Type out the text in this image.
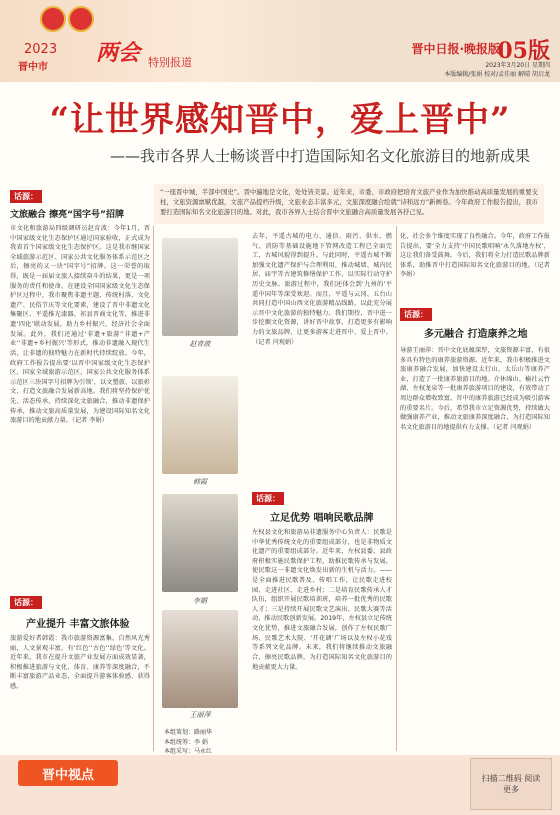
2023 两会
晋中市	特别报道
晋中日报·晚报版
05版
2023年3月20日 星期四
本版编辑/张娟 校对/孟佳丽 解晴 胡启龙
“让世界感知晋中，爱上晋中”
——我市各界人士畅谈晋中打造国际知名文化旅游目的地新成果
“一座晋中城，半部中国史”。晋中遍地是文化，处处皆美景。近年来，市委、市政府把培育文旅产业作为加快推动高质量发展的重要支柱，文旅资源禀赋优越，文旅产品提档升级，文旅业态丰富多元，文旅深度融合绘就“诗和远方”新画卷。今年政府工作报告提出，我市要打造国际知名文化旅游目的地。对此，我市各界人士结合晋中文旅融合高质量发展各抒己见。
话源：
文旅融合 擦亮“国字号”招牌
市文化和旅游局四级调研员赵育波：今年1月，晋中国家级文化生态保护区通过国家验收，正式成为我省首个国家级文化生态保护区。这是我市继国家全域旅游示范区、国家公共文化服务体系示范区之后，擦亮的又一块“国字号”招牌。这一荣誉的取得，既是一届届文旅人接续奋斗的结果，更是一项服务的责任和使命。在建设全国国家级文化生态保护区过程中，我市聚焦非遗主题、传统村落、文化遗产、民俗节庆等文化要素，建设了晋中非遗文化集聚区、平遥推光漆器、祁县晋商文化等，推进非遗‘四化’联动发展，助力乡村振兴、经济社会全面发展。此外，我们还通过‘非遗+旅游’‘非遗+产业’‘非遗+乡村振兴’等形式，推动非遗融入现代生活，让非遗的独特魅力在新时代持续绽放。今年，政府工作报告提出要‘以晋中国家级文化生态保护区、国家全域旅游示范区、国家公共文化服务体系示范区三块国字号招牌为引领’，以文塑旅、以旅彰文，打造文旅融合发展新高地。我们将坚持保护优先、活态传承，持续深化文旅融合，推动非遗保护传承，推动文旅高质量发展，为建设国际知名文化旅游目的地贡献力量。（记者 李娟）
话源：
产业提升 丰富文旅体验
旅游爱好者韩霞：我市旅游资源富集，自然风光秀丽，人文景观丰富，有‘红色’‘古色’‘绿色’等文化。近年来，我市在提升文旅产业发展方面成效显著，积极推进旅游与文化、体育、康养等深度融合，不断丰富旅游产品业态，全面提升游客体验感、获得感。
赵育波
韩霞
李娟
王丽萍
本组策划：路丽华
本组统筹：李 娟
本组采写：马永红
去年，平遥古城的电力、通信、雨污、供水、燃气、消防等基础设施地下管网改造工程已全面完工，古城风貌得到提升。与此同时，平遥古城不断加强文化遗产保护与合理利用，推动城墙、城内民居、庙宇等古建筑修缮保护工作，以实际行动守护历史文脉。旅游过程中，我们还体会到‘九州的’平遥中国年等深受欢迎。而且，平遥与云冈、五台山共同打造中国山西文化旅游精品线路，以此充分展示晋中文化旅游的独特魅力。我们期待，晋中进一步挖掘文化资源，讲好晋中故事，打造更多有影响力的文旅品牌，让更多游客走进晋中、爱上晋中。（记者 闫观娟）
话源：
立足优势 唱响民歌品牌
左权县文化和旅游局非遗服务中心负责人：民歌是中华优秀传统文化的重要组成部分，也是非物质文化遗产的重要组成部分。近年来，左权县委、县政府积极实施民歌保护工程，助推民歌传承与发展，使民歌这一非遗文化焕发出新的生机与活力。——是全面推进民歌普及、传唱工作，让民歌走进校园、走进社区、走进乡村；二是培育民歌传承人才队伍，组织开展民歌培训班，培养一批优秀的民歌人才；三是持续开展民歌文艺演出、民歌大赛等活动，推动民歌创新发展。2019年，左权县立足传统文化优势，推进文旅融合发展，创作了左权民歌广场、民歌艺术大院、‘开花调’广场以及左权小花戏等系列文化品牌。未来，我们将继续推动文旅融合，擦亮民歌品牌，为打造国际知名文化旅游目的地贡献更大力量。
化，社会多个维度实现了良性融合。今年，政府工作报告提出，要‘全力支持’中国民歌唱响‘永久落地左权’，这让我们备受鼓舞。今后，我们将全力打造民歌品牌新体系，助推晋中打造国际知名文化旅游目的地。（记者 李娟）
话源：
多元融合 打造康养之地
导游王丽萍：晋中文化底蕴深厚，文旅资源丰富，有很多具有特色的康养旅游资源。近年来，我市积极推进文旅康养融合发展，加快建设太行山、太岳山等康养产业，打造了一批康养旅游目的地。介休绵山、榆社云竹湖、左权龙泉等一批康养旅游项目的建设，有效带动了周边群众增收致富。晋中的康养旅游已经成为吸引游客的重要名片。今后，希望我市立足资源优势，持续做大做强康养产业，推动文旅康养深度融合，为打造国际知名文化旅游目的地提供有力支撑。（记者 闫观娟）
晋中视点	扫描二维码 阅读更多
